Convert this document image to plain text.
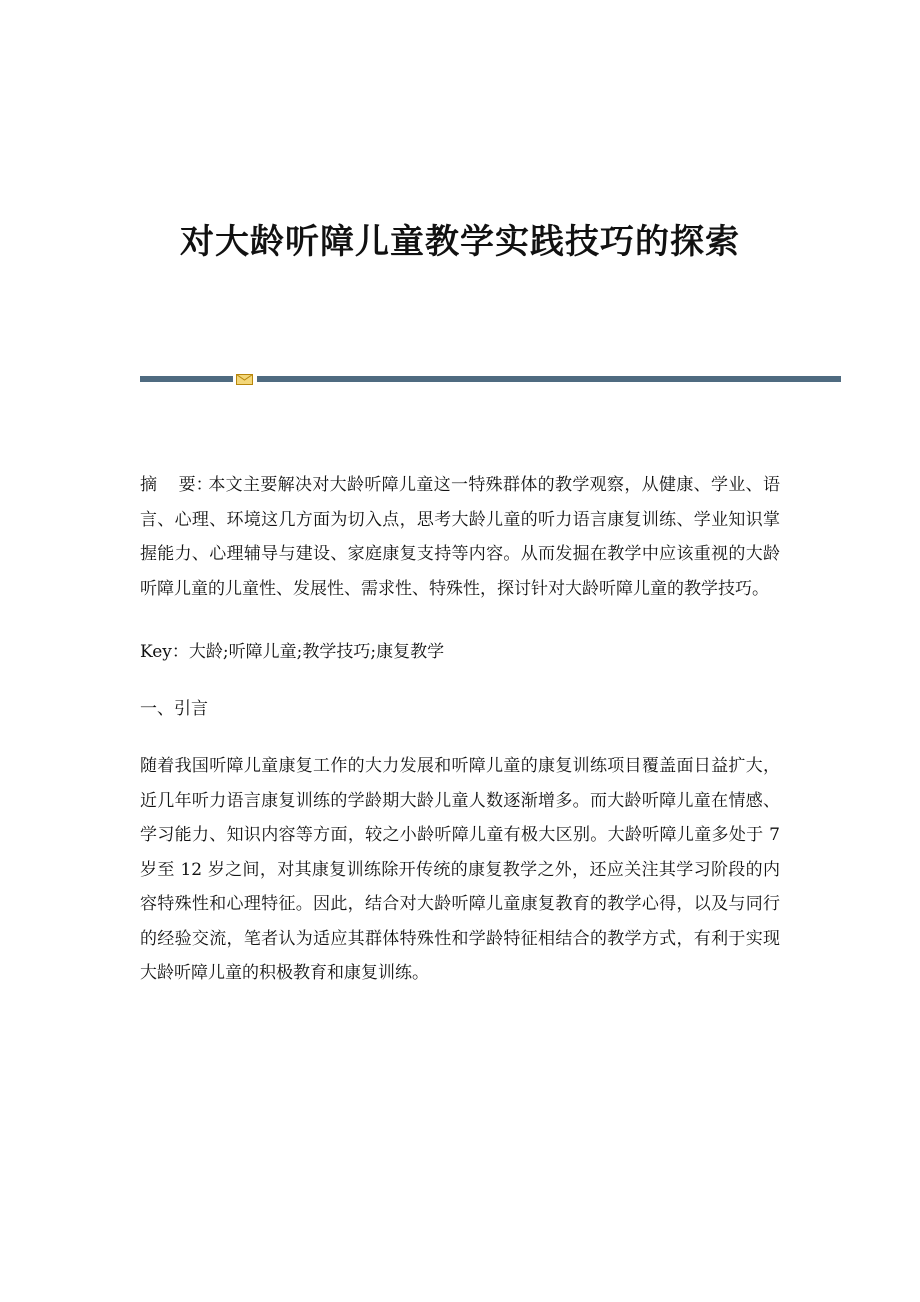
对大龄听障儿童教学实践技巧的探索

摘    要：本文主要解决对大龄听障儿童这一特殊群体的教学观察，从健康、学业、语言、心理、环境这几方面为切入点，思考大龄儿童的听力语言康复训练、学业知识掌握能力、心理辅导与建设、家庭康复支持等内容。从而发掘在教学中应该重视的大龄听障儿童的儿童性、发展性、需求性、特殊性，探讨针对大龄听障儿童的教学技巧。

Key：大龄;听障儿童;教学技巧;康复教学

一、引言

随着我国听障儿童康复工作的大力发展和听障儿童的康复训练项目覆盖面日益扩大，近几年听力语言康复训练的学龄期大龄儿童人数逐渐增多。而大龄听障儿童在情感、学习能力、知识内容等方面，较之小龄听障儿童有极大区别。大龄听障儿童多处于 7 岁至 12 岁之间，对其康复训练除开传统的康复教学之外，还应关注其学习阶段的内容特殊性和心理特征。因此，结合对大龄听障儿童康复教育的教学心得，以及与同行的经验交流，笔者认为适应其群体特殊性和学龄特征相结合的教学方式，有利于实现大龄听障儿童的积极教育和康复训练。
